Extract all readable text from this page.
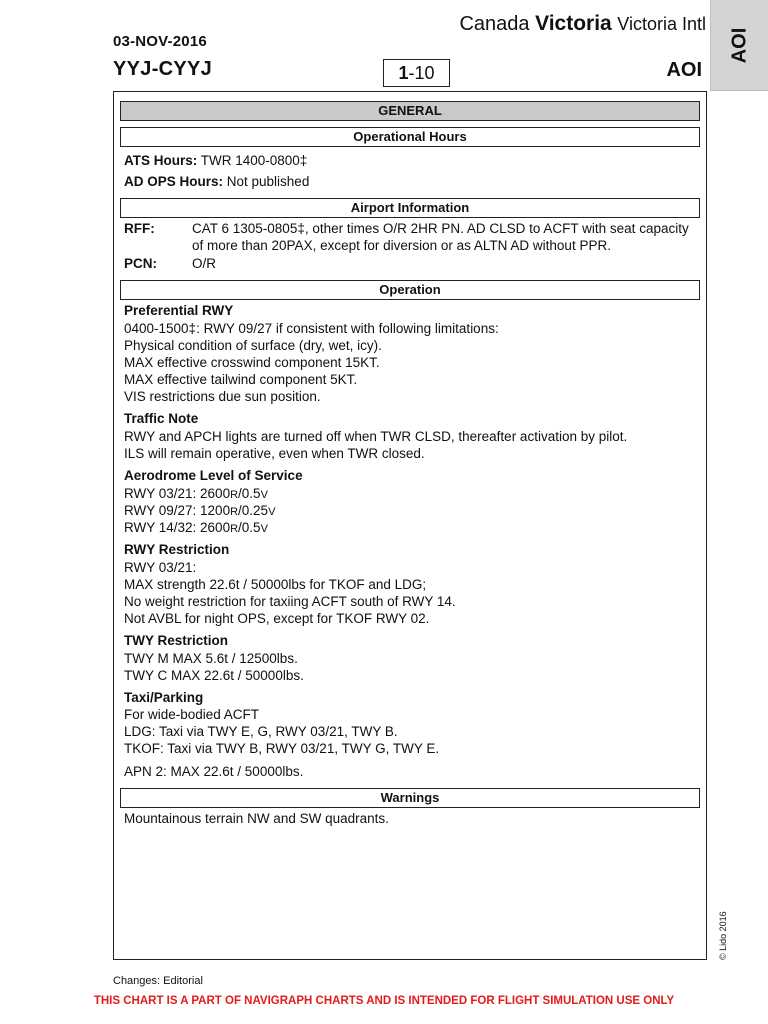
03-NOV-2016
YYJ-CYYJ
Canada Victoria Victoria Intl
1 -10	AOI
AOI
GENERAL
Operational Hours
ATS Hours: TWR 1400-0800‡
AD OPS Hours: Not published
Airport Information
RFF:	CAT 6 1305-0805‡, other times O/R 2HR PN. AD CLSD to ACFT with seat capacity of more than 20PAX, except for diversion or as ALTN AD without PPR.
PCN:	O/R
Operation
Preferential RWY
0400-1500‡: RWY 09/27 if consistent with following limitations:
Physical condition of surface (dry, wet, icy).
MAX effective crosswind component 15KT.
MAX effective tailwind component 5KT.
VIS restrictions due sun position.
Traffic Note
RWY and APCH lights are turned off when TWR CLSD, thereafter activation by pilot.
ILS will remain operative, even when TWR closed.
Aerodrome Level of Service
RWY 03/21: 2600R/0.5V
RWY 09/27: 1200R/0.25V
RWY 14/32: 2600R/0.5V
RWY Restriction
RWY 03/21:
MAX strength 22.6t / 50000lbs for TKOF and LDG;
No weight restriction for taxiing ACFT south of RWY 14.
Not AVBL for night OPS, except for TKOF RWY 02.
TWY Restriction
TWY M MAX 5.6t / 12500lbs.
TWY C MAX 22.6t / 50000lbs.
Taxi/Parking
For wide-bodied ACFT
LDG: Taxi via TWY E, G, RWY 03/21, TWY B.
TKOF: Taxi via TWY B, RWY 03/21, TWY G, TWY E.
APN 2: MAX 22.6t / 50000lbs.
Warnings
Mountainous terrain NW and SW quadrants.
© Lido 2016
Changes: Editorial
THIS CHART IS A PART OF NAVIGRAPH CHARTS AND IS INTENDED FOR FLIGHT SIMULATION USE ONLY
